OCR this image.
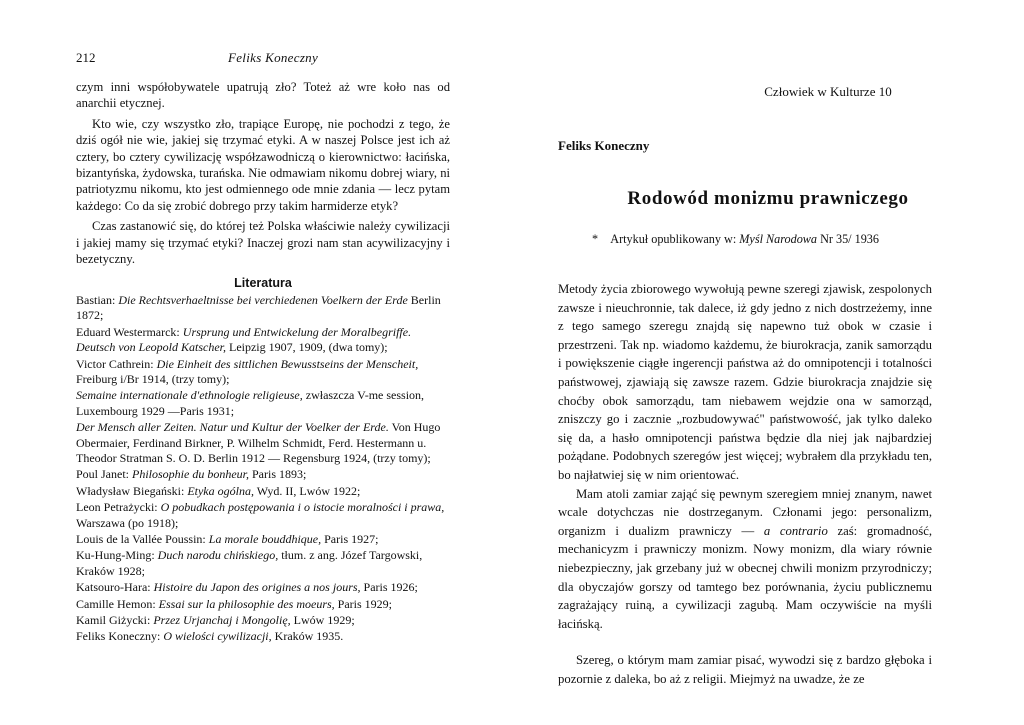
212	Feliks Koneczny

czym inni współobywatele upatrują zło? Toteż aż wre koło nas od anarchii etycznej.

Kto wie, czy wszystko zło, trapiące Europę, nie pochodzi z tego, że dziś ogół nie wie, jakiej się trzymać etyki. A w naszej Polsce jest ich aż cztery, bo cztery cywilizację współzawodniczą o kierownictwo: łacińska, bizantyńska, żydowska, turańska. Nie odmawiam nikomu dobrej wiary, ni patriotyzmu nikomu, kto jest odmiennego ode mnie zdania — lecz pytam każdego: Co da się zrobić dobrego przy takim harmiderze etyk?

Czas zastanowić się, do której też Polska właściwie należy cywilizacji i jakiej mamy się trzymać etyki? Inaczej grozi nam stan acywilizacyjny i bezetyczny.

Literatura
Bastian: Die Rechtsverhaeltnisse bei verchiedenen Voelkern der Erde Berlin 1872;
Eduard Westermarck: Ursprung und Entwickelung der Moralbegriffe. Deutsch von Leopold Katscher, Leipzig 1907, 1909, (dwa tomy);
Victor Cathrein: Die Einheit des sittlichen Bewusstseins der Menscheit, Freiburg i/Br 1914, (trzy tomy);
Semaine internationale d'ethnologie religieuse, zwłaszcza V-me session, Luxembourg 1929 —Paris 1931;
Der Mensch aller Zeiten. Natur und Kultur der Voelker der Erde. Von Hugo Obermaier, Ferdinand Birkner, P. Wilhelm Schmidt, Ferd. Hestermann u. Theodor Stratman S. O. D. Berlin 1912 — Regensburg 1924, (trzy tomy);
Poul Janet: Philosophie du bonheur, Paris 1893;
Władysław Biegański: Etyka ogólna, Wyd. II, Lwów 1922;
Leon Petrażycki: O pobudkach postępowania i o istocie moralności i prawa, Warszawa (po 1918);
Louis de la Vallée Poussin: La morale bouddhique, Paris 1927;
Ku-Hung-Ming: Duch narodu chińskiego, tłum. z ang. Józef Targowski, Kraków 1928;
Katsouro-Hara: Histoire du Japon des origines a nos jours, Paris 1926;
Camille Hemon: Essai sur la philosophie des moeurs, Paris 1929;
Kamil Giżycki: Przez Urjanchaj i Mongolię, Lwów 1929;
Feliks Koneczny: O wielości cywilizacji, Kraków 1935.
Człowiek w Kulturze 10
Feliks Koneczny
Rodowód monizmu prawniczego
* Artykuł opublikowany w: Myśl Narodowa Nr 35/ 1936

Metody życia zbiorowego wywołują pewne szeregi zjawisk, zespolonych zawsze i nieuchronnie, tak dalece, iż gdy jedno z nich dostrzeżemy, inne z tego samego szeregu znajdą się napewno tuż obok w czasie i przestrzeni. Tak np. wiadomo każdemu, że biurokracja, zanik samorządu i powiększenie ciągłe ingerencji państwa aż do omnipotencji i totalności państwowej, zjawiają się zawsze razem. Gdzie biurokracja znajdzie się choćby obok samorządu, tam niebawem wejdzie ona w samorząd, zniszczy go i zacznie „rozbudowywać" państwowość, jak tylko daleko się da, a hasło omnipotencji państwa będzie dla niej jak najbardziej pożądane. Podobnych szeregów jest więcej; wybrałem dla przykładu ten, bo najłatwiej się w nim orientować.

Mam atoli zamiar zająć się pewnym szeregiem mniej znanym, nawet wcale dotychczas nie dostrzeganym. Członami jego: personalizm, organizm i dualizm prawniczy — a contrario zaś: gromadność, mechanicyzm i prawniczy monizm. Nowy monizm, dla wiary równie niebezpieczny, jak grzebany już w obecnej chwili monizm przyrodniczy; dla obyczajów gorszy od tamtego bez porównania, życiu publicznemu zagrażający ruiną, a cywilizacji zagubą. Mam oczywiście na myśli łacińską.

Szereg, o którym mam zamiar pisać, wywodzi się z bardzo głęboka i pozornie z daleka, bo aż z religii. Miejmyż na uwadze, że ze
